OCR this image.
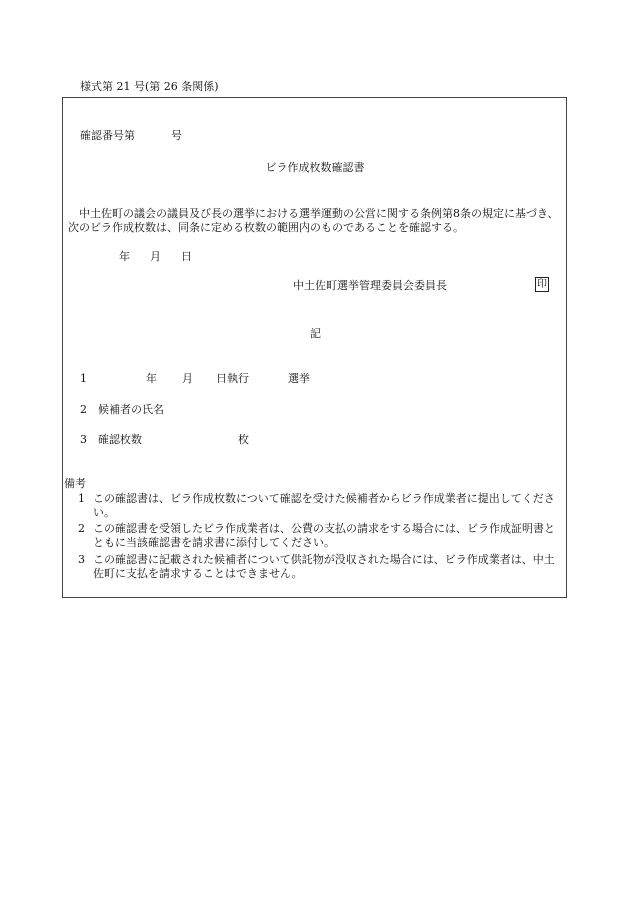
様式第 21 号(第 26 条関係)
確認番号第	号
ビラ作成枚数確認書
中土佐町の議会の議員及び長の選挙における選挙運動の公営に関する条例第8条の規定に基づき、次のビラ作成枚数は、同条に定める枚数の範囲内のものであることを確認する。
年 月 日
中土佐町選挙管理委員会委員長	印
記
1	年 月 日執行	選挙
2 候補者の氏名
3 確認枚数	枚
備考
1 この確認書は、ビラ作成枚数について確認を受けた候補者からビラ作成業者に提出してください。
2 この確認書を受領したビラ作成業者は、公費の支払の請求をする場合には、ビラ作成証明書とともに当該確認書を請求書に添付してください。
3 この確認書に記載された候補者について供託物が没収された場合には、ビラ作成業者は、中土佐町に支払を請求することはできません。
